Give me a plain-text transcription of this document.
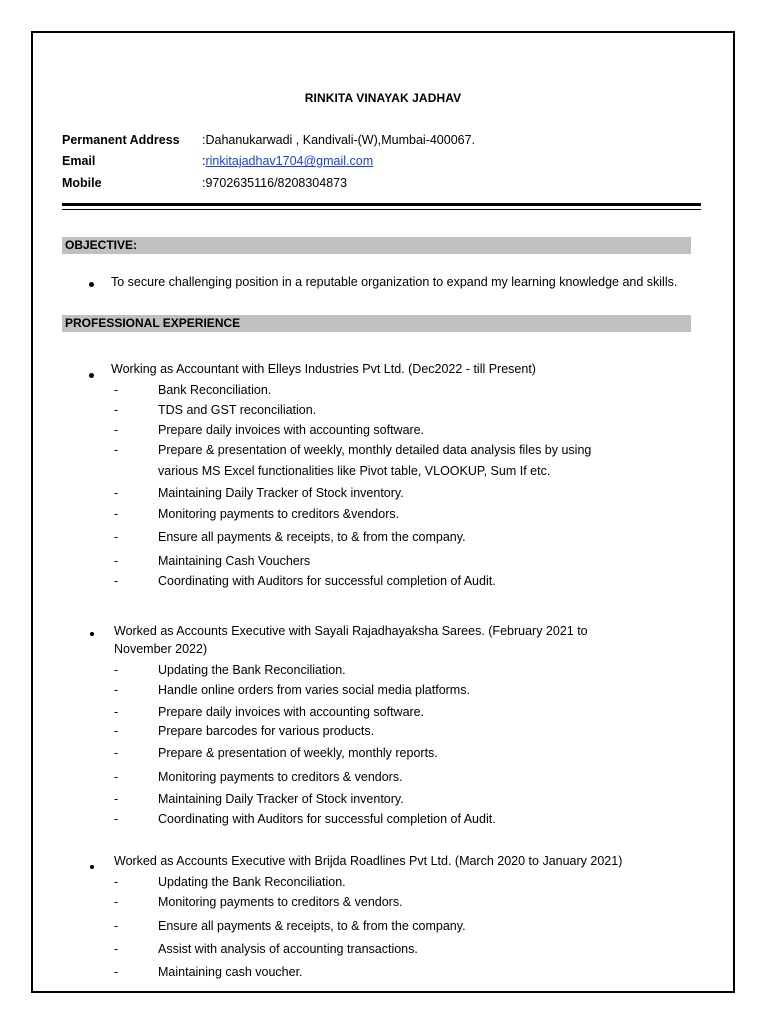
RINKITA VINAYAK JADHAV
Permanent Address	:Dahanukarwadi , Kandivali-(W),Mumbai-400067.
Email	: rinkitajadhav1704@gmail.com
Mobile	:9702635116/8208304873
OBJECTIVE:
To secure challenging position in a reputable organization to expand my learning knowledge and skills.
PROFESSIONAL EXPERIENCE
Working as Accountant with Elleys Industries Pvt Ltd. (Dec2022 - till Present)
-	Bank Reconciliation.
-	TDS and GST reconciliation.
-	Prepare daily invoices with accounting software.
-	Prepare & presentation of weekly, monthly detailed data analysis files by using
various MS Excel functionalities like Pivot table, VLOOKUP, Sum If etc.
-	Maintaining Daily Tracker of Stock inventory.
-	Monitoring payments to creditors &vendors.
-	Ensure all payments & receipts, to & from the company.
-	Maintaining Cash Vouchers
-	Coordinating with Auditors for successful completion of Audit.
Worked as Accounts Executive with Sayali Rajadhayaksha Sarees. (February 2021 to
November 2022)
-	Updating the Bank Reconciliation.
-	Handle online orders from varies social media platforms.
-	Prepare daily invoices with accounting software.
-	Prepare barcodes for various products.
-	Prepare & presentation of weekly, monthly reports.
-	Monitoring payments to creditors & vendors.
-	Maintaining Daily Tracker of Stock inventory.
-	Coordinating with Auditors for successful completion of Audit.
Worked as Accounts Executive with Brijda Roadlines Pvt Ltd. (March 2020 to January 2021)
-	Updating the Bank Reconciliation.
-	Monitoring payments to creditors & vendors.
-	Ensure all payments & receipts, to & from the company.
-	Assist with analysis of accounting transactions.
-	Maintaining cash voucher.
